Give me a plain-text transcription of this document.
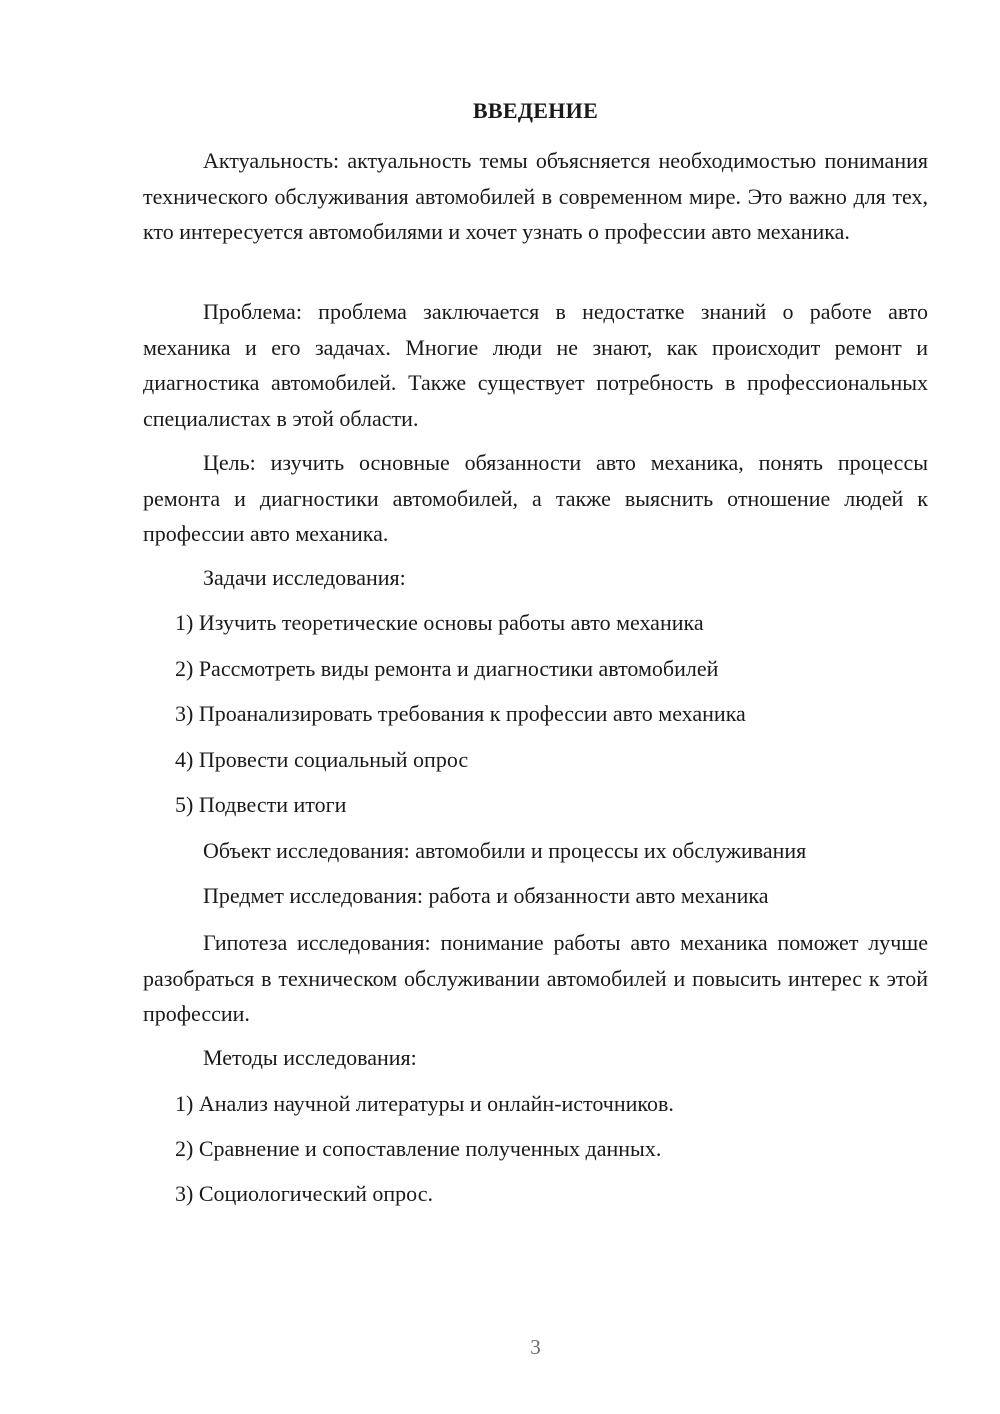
ВВЕДЕНИЕ

Актуальность: актуальность темы объясняется необходимостью понимания технического обслуживания автомобилей в современном мире. Это важно для тех, кто интересуется автомобилями и хочет узнать о профессии авто механика.

Проблема: проблема заключается в недостатке знаний о работе авто механика и его задачах. Многие люди не знают, как происходит ремонт и диагностика автомобилей. Также существует потребность в профессиональных специалистах в этой области.

Цель: изучить основные обязанности авто механика, понять процессы ремонта и диагностики автомобилей, а также выяснить отношение людей к профессии авто механика.

Задачи исследования:

1) Изучить теоретические основы работы авто механика

2) Рассмотреть виды ремонта и диагностики автомобилей

3) Проанализировать требования к профессии авто механика

4) Провести социальный опрос

5) Подвести итоги

Объект исследования: автомобили и процессы их обслуживания

Предмет исследования: работа и обязанности авто механика

Гипотеза исследования: понимание работы авто механика поможет лучше разобраться в техническом обслуживании автомобилей и повысить интерес к этой профессии.

Методы исследования:

1) Анализ научной литературы и онлайн-источников.

2) Сравнение и сопоставление полученных данных.

3) Социологический опрос.

3
